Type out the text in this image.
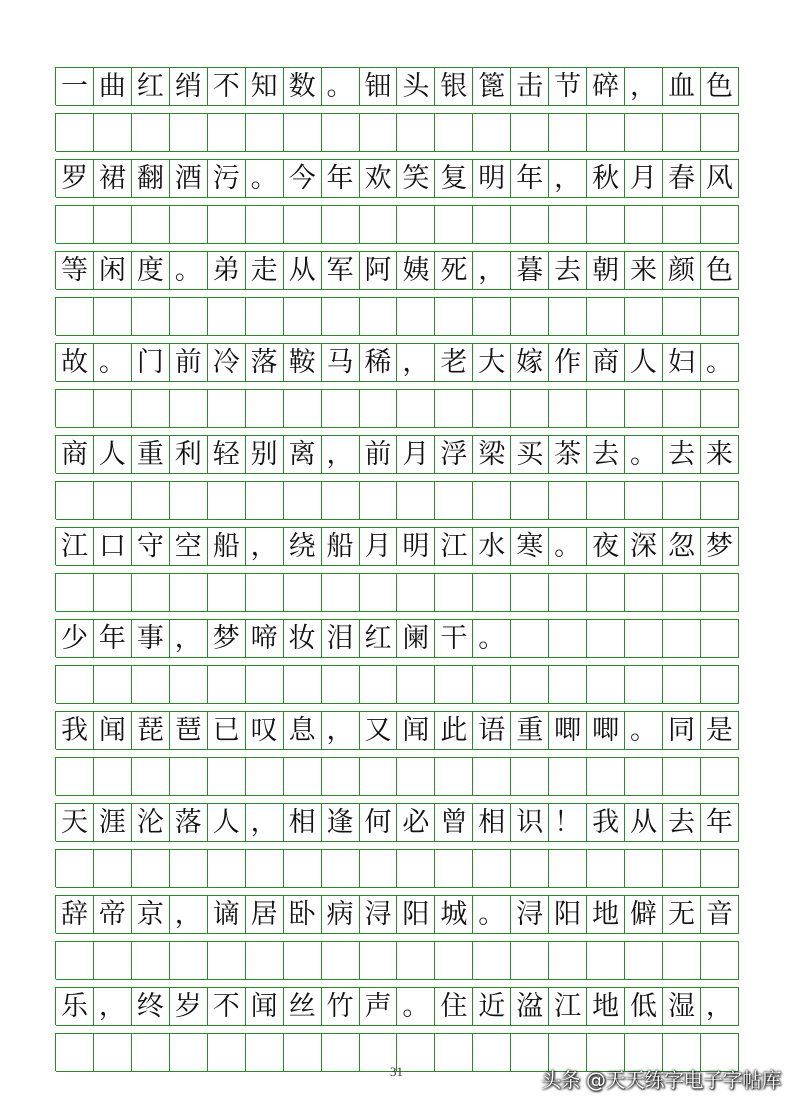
一 曲 红 绡 不 知 数 。 钿 头 银 篦 击 节 碎 ， 血 色
罗 裙 翻 酒 污 。 今 年 欢 笑 复 明 年 ， 秋 月 春 风
等 闲 度 。 弟 走 从 军 阿 姨 死 ， 暮 去 朝 来 颜 色
故 。 门 前 冷 落 鞍 马 稀 ， 老 大 嫁 作 商 人 妇 。
商 人 重 利 轻 别 离 ， 前 月 浮 梁 买 茶 去 。 去 来
江 口 守 空 船 ， 绕 船 月 明 江 水 寒 。 夜 深 忽 梦
少 年 事 ， 梦 啼 妆 泪 红 阑 干 。
我 闻 琵 琶 已 叹 息 ， 又 闻 此 语 重 唧 唧 。 同 是
天 涯 沦 落 人 ， 相 逢 何 必 曾 相 识 ！ 我 从 去 年
辞 帝 京 ， 谪 居 卧 病 浔 阳 城 。 浔 阳 地 僻 无 音
乐 ， 终 岁 不 闻 丝 竹 声 。 住 近 湓 江 地 低 湿 ，
31	头条 @天天练字电子字帖库
